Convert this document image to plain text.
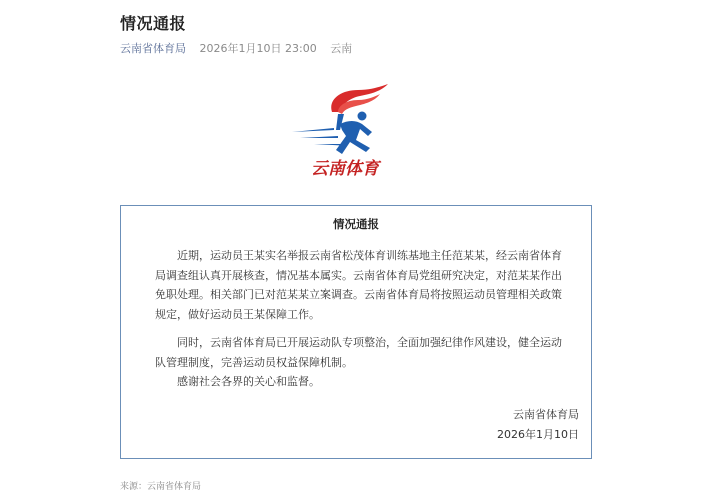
情况通报
云南省体育局 2026年1月10日 23:00 云南
云南体育
情况通报
近期，运动员王某实名举报云南省松茂体育训练基地主任范某某，经云南省体育局调查组认真开展核查，情况基本属实。云南省体育局党组研究决定，对范某某作出免职处理。相关部门已对范某某立案调查。云南省体育局将按照运动员管理相关政策规定，做好运动员王某保障工作。
同时，云南省体育局已开展运动队专项整治，全面加强纪律作风建设，健全运动队管理制度，完善运动员权益保障机制。
感谢社会各界的关心和监督。
云南省体育局
2026年1月10日
来源：云南省体育局
